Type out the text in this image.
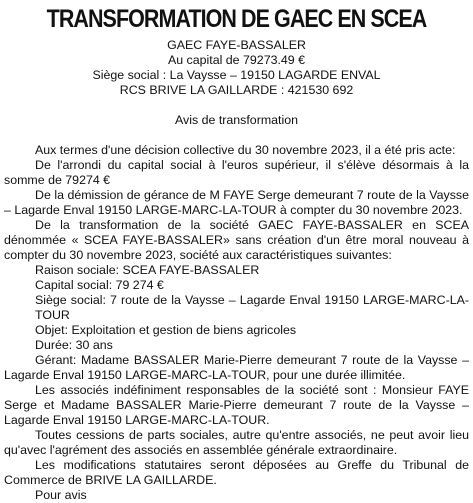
TRANSFORMATION DE GAEC EN SCEA
GAEC FAYE-BASSALER
Au capital de 79273.49 €
Siège social : La Vaysse – 19150 LAGARDE ENVAL
RCS BRIVE LA GAILLARDE : 421530 692
Avis de transformation

Aux termes d'une décision collective du 30 novembre 2023, il a été pris acte:

De l'arrondi du capital social à l'euros supérieur, il s'élève désormais à la somme de 79274 €

De la démission de gérance de M FAYE Serge demeurant 7 route de la Vaysse – Lagarde Enval 19150 LARGE-MARC-LA-TOUR à compter du 30 novembre 2023.

De la transformation de la société GAEC FAYE-BASSALER en SCEA dénommée « SCEA FAYE-BASSALER» sans création d'un être moral nouveau à compter du 30 novembre 2023, société aux caractéristiques suivantes:

Raison sociale: SCEA FAYE-BASSALER

Capital social: 79 274 €

Siège social: 7 route de la Vaysse – Lagarde Enval 19150 LARGE-MARC-LA-TOUR

Objet: Exploitation et gestion de biens agricoles

Durée: 30 ans

Gérant: Madame BASSALER Marie-Pierre demeurant 7 route de la Vaysse – Lagarde Enval 19150 LARGE-MARC-LA-TOUR, pour une durée illimitée.

Les associés indéfiniment responsables de la société sont : Monsieur FAYE Serge et Madame BASSALER Marie-Pierre demeurant 7 route de la Vaysse – Lagarde Enval 19150 LARGE-MARC-LA-TOUR.

Toutes cessions de parts sociales, autre qu'entre associés, ne peut avoir lieu qu'avec l'agrément des associés en assemblée générale extraordinaire.

Les modifications statutaires seront déposées au Greffe du Tribunal de Commerce de BRIVE LA GAILLARDE.

Pour avis
